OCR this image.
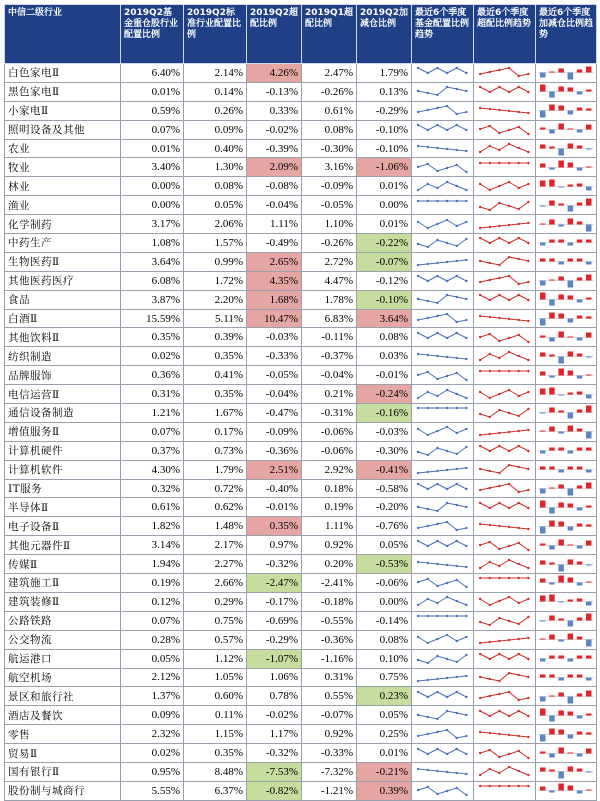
中信二级行业	2019Q2基金重仓股行业配置比例	2019Q2标准行业配置比例	2019Q2超配比例	2019Q1超配比例	2019Q2加减仓比例	最近6个季度基金配置比例趋势	最近6个季度超配比例趋势	最近6个季度加减仓比例趋势
白色家电Ⅱ	6.40%	2.14%	4.26%	2.47%	1.79%	

黑色家电Ⅱ	0.01%	0.14%	-0.13%	-0.26%	0.13%	

小家电Ⅱ	0.59%	0.26%	0.33%	0.61%	-0.29%	

照明设备及其他	0.07%	0.09%	-0.02%	0.08%	-0.10%	

农业	0.01%	0.40%	-0.39%	-0.30%	-0.10%	

牧业	3.40%	1.30%	2.09%	3.16%	-1.06%	

林业	0.00%	0.08%	-0.08%	-0.09%	0.01%	

渔业	0.00%	0.05%	-0.04%	-0.05%	0.00%	

化学制药	3.17%	2.06%	1.11%	1.10%	0.01%	

中药生产	1.08%	1.57%	-0.49%	-0.26%	-0.22%	

生物医药Ⅱ	3.64%	0.99%	2.65%	2.72%	-0.07%	

其他医药医疗	6.08%	1.72%	4.35%	4.47%	-0.12%	

食品	3.87%	2.20%	1.68%	1.78%	-0.10%	

白酒Ⅱ	15.59%	5.11%	10.47%	6.83%	3.64%	

其他饮料Ⅱ	0.35%	0.39%	-0.03%	-0.11%	0.08%	

纺织制造	0.02%	0.35%	-0.33%	-0.37%	0.03%	

品牌服饰	0.36%	0.41%	-0.05%	-0.04%	-0.01%	

电信运营Ⅱ	0.31%	0.35%	-0.04%	0.21%	-0.24%	

通信设备制造	1.21%	1.67%	-0.47%	-0.31%	-0.16%	

增值服务Ⅱ	0.07%	0.17%	-0.09%	-0.06%	-0.03%	

计算机硬件	0.37%	0.73%	-0.36%	-0.06%	-0.30%	

计算机软件	4.30%	1.79%	2.51%	2.92%	-0.41%	

IT服务	0.32%	0.72%	-0.40%	0.18%	-0.58%	

半导体Ⅱ	0.61%	0.62%	-0.01%	0.19%	-0.20%	

电子设备Ⅱ	1.82%	1.48%	0.35%	1.11%	-0.76%	

其他元器件Ⅱ	3.14%	2.17%	0.97%	0.92%	0.05%	

传媒Ⅱ	1.94%	2.27%	-0.32%	0.20%	-0.53%	

建筑施工Ⅱ	0.19%	2.66%	-2.47%	-2.41%	-0.06%	

建筑装修Ⅱ	0.12%	0.29%	-0.17%	-0.18%	0.00%	

公路铁路	0.07%	0.75%	-0.69%	-0.55%	-0.14%	

公交物流	0.28%	0.57%	-0.29%	-0.36%	0.08%	

航运港口	0.05%	1.12%	-1.07%	-1.16%	0.10%	

航空机场	2.12%	1.05%	1.06%	0.31%	0.75%	

景区和旅行社	1.37%	0.60%	0.78%	0.55%	0.23%	

酒店及餐饮	0.09%	0.11%	-0.02%	-0.07%	0.05%	

零售	2.32%	1.15%	1.17%	0.92%	0.25%	

贸易Ⅱ	0.02%	0.35%	-0.32%	-0.33%	0.01%	

国有银行Ⅱ	0.95%	8.48%	-7.53%	-7.32%	-0.21%	

股份制与城商行	5.55%	6.37%	-0.82%	-1.21%	0.39%	
